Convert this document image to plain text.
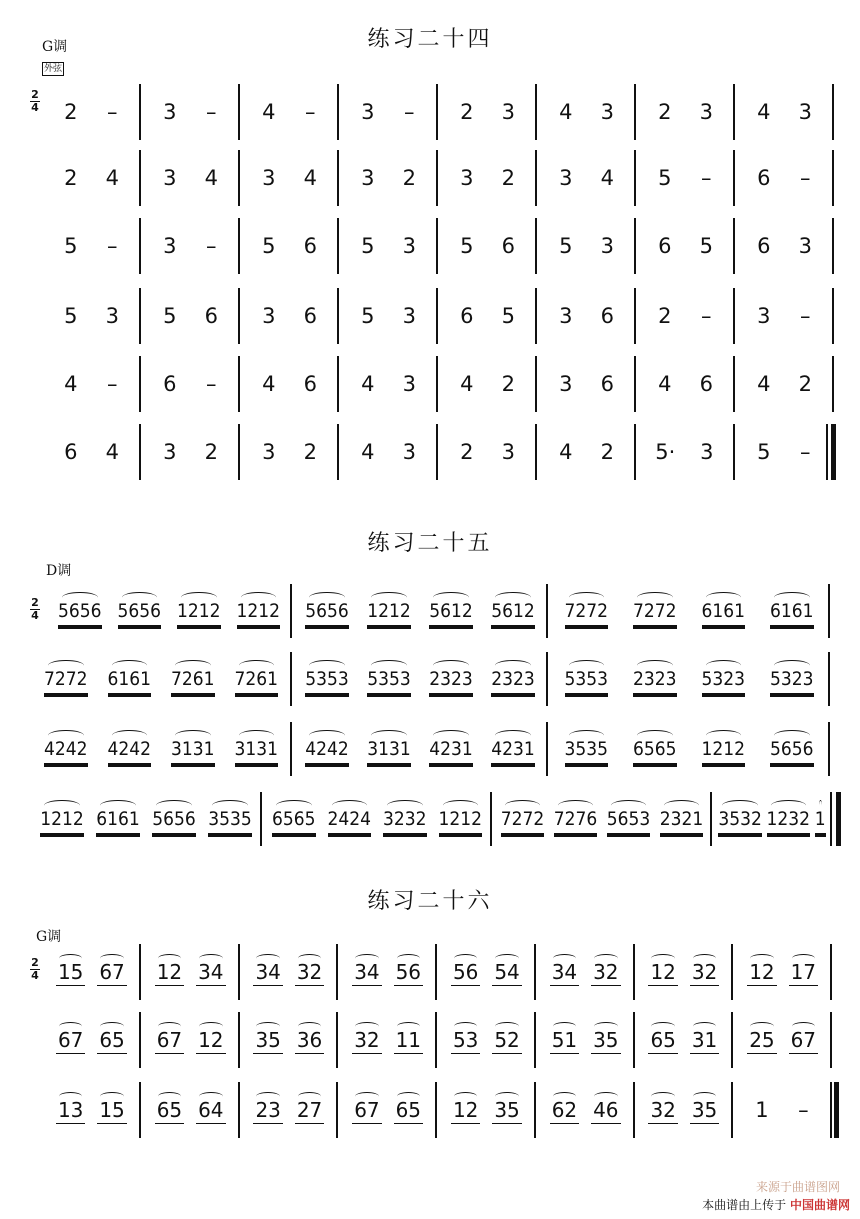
练习二十四
G调
外弦
2
4 2 – 3 – 4 – 3 – 2 3 4 3 2 3 4 3
2 4 3 4 3 4 3 2 3 2 3 4 5 – 6 –
5 – 3 – 5 6 5 3 5 6 5 3 6 5 6 3
5 3 5 6 3 6 5 3 6 5 3 6 2 – 3 –
4 – 6 – 4 6 4 3 4 2 3 6 4 6 4 2
6 4 3 2 3 2 4 3 2 3 4 2 5· 3 5 –
练习二十五
D调
2
4 5656 5656 1212 1212 5656 1212 5612 5612 7272 7272 6161 6161
7272 6161 7261 7261 5353 5353 2323 2323 5353 2323 5323 5323
4242 4242 3131 3131 4242 3131 4231 4231 3535 6565 1212 5656
1212 6161 5656 3535 6565 2424 3232 1212 7272 7276 5653 2321 3532 1232 1
练习二十六
G调
2
4 15 67 12 34 34 32 34 56 56 54 34 32 12 32 12 17
67 65 67 12 35 36 32 11 53 52 51 35 65 31 25 67
13 15 65 64 23 27 67 65 12 35 62 46 32 35 1 –
来源于曲谱图网
本曲谱由上传于 中国曲谱网
